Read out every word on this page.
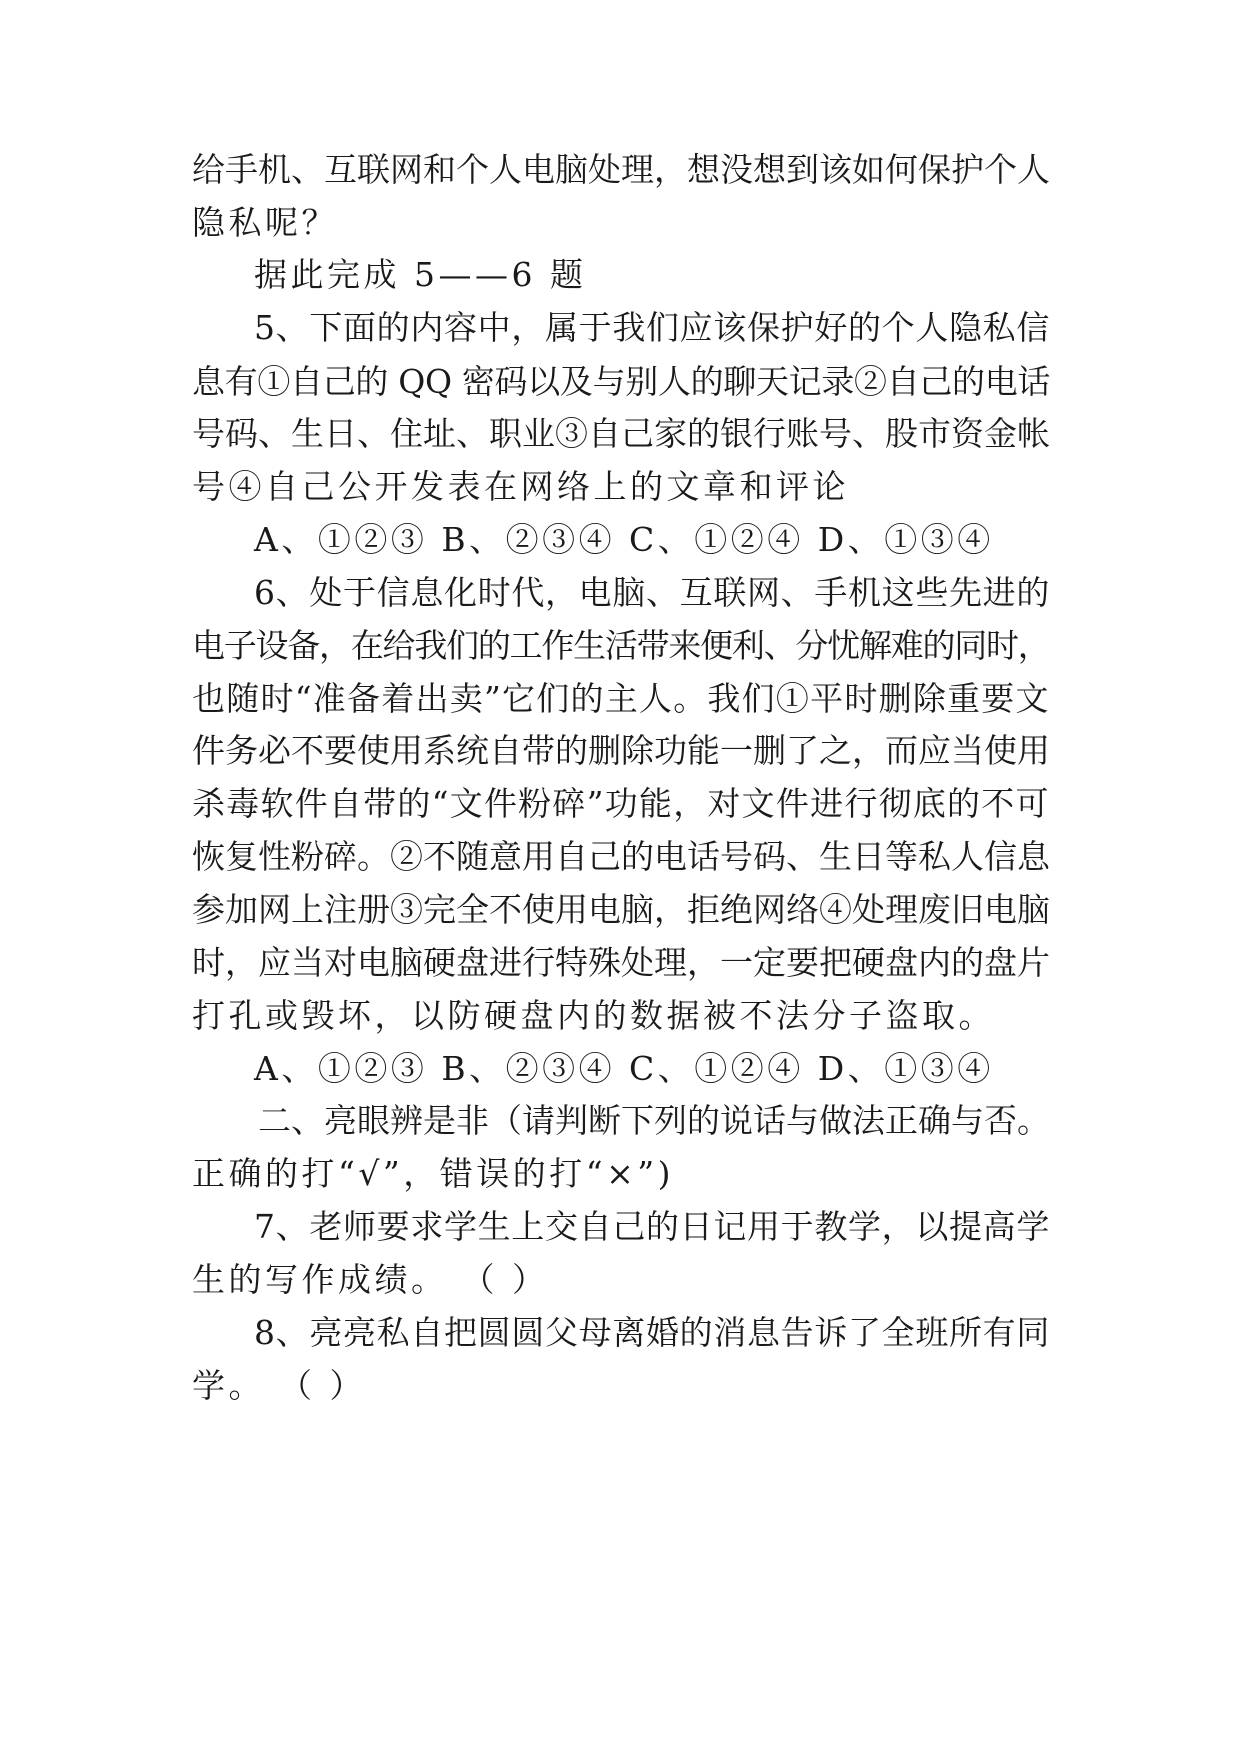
给手机、互联网和个人电脑处理，想没想到该如何保护个人

隐私呢？

据此完成 5——6 题

5、下面的内容中，属于我们应该保护好的个人隐私信

息有①自己的 QQ 密码以及与别人的聊天记录②自己的电话

号码、生日、住址、职业③自己家的银行账号、股市资金帐

号④自己公开发表在网络上的文章和评论

A、①②③ B、②③④ C、①②④ D、①③④

6、处于信息化时代，电脑、互联网、手机这些先进的

电子设备，在给我们的工作生活带来便利、分忧解难的同时，

也随时“准备着出卖”它们的主人。我们①平时删除重要文

件务必不要使用系统自带的删除功能一删了之，而应当使用

杀毒软件自带的“文件粉碎”功能，对文件进行彻底的不可

恢复性粉碎。②不随意用自己的电话号码、生日等私人信息

参加网上注册③完全不使用电脑，拒绝网络④处理废旧电脑

时，应当对电脑硬盘进行特殊处理，一定要把硬盘内的盘片

打孔或毁坏，以防硬盘内的数据被不法分子盗取。

A、①②③ B、②③④ C、①②④ D、①③④

二、亮眼辨是非（请判断下列的说话与做法正确与否。

正确的打“√”，错误的打“×”)

7、老师要求学生上交自己的日记用于教学，以提高学

生的写作成绩。 （ ）

8、亮亮私自把圆圆父母离婚的消息告诉了全班所有同

学。 （ ）
